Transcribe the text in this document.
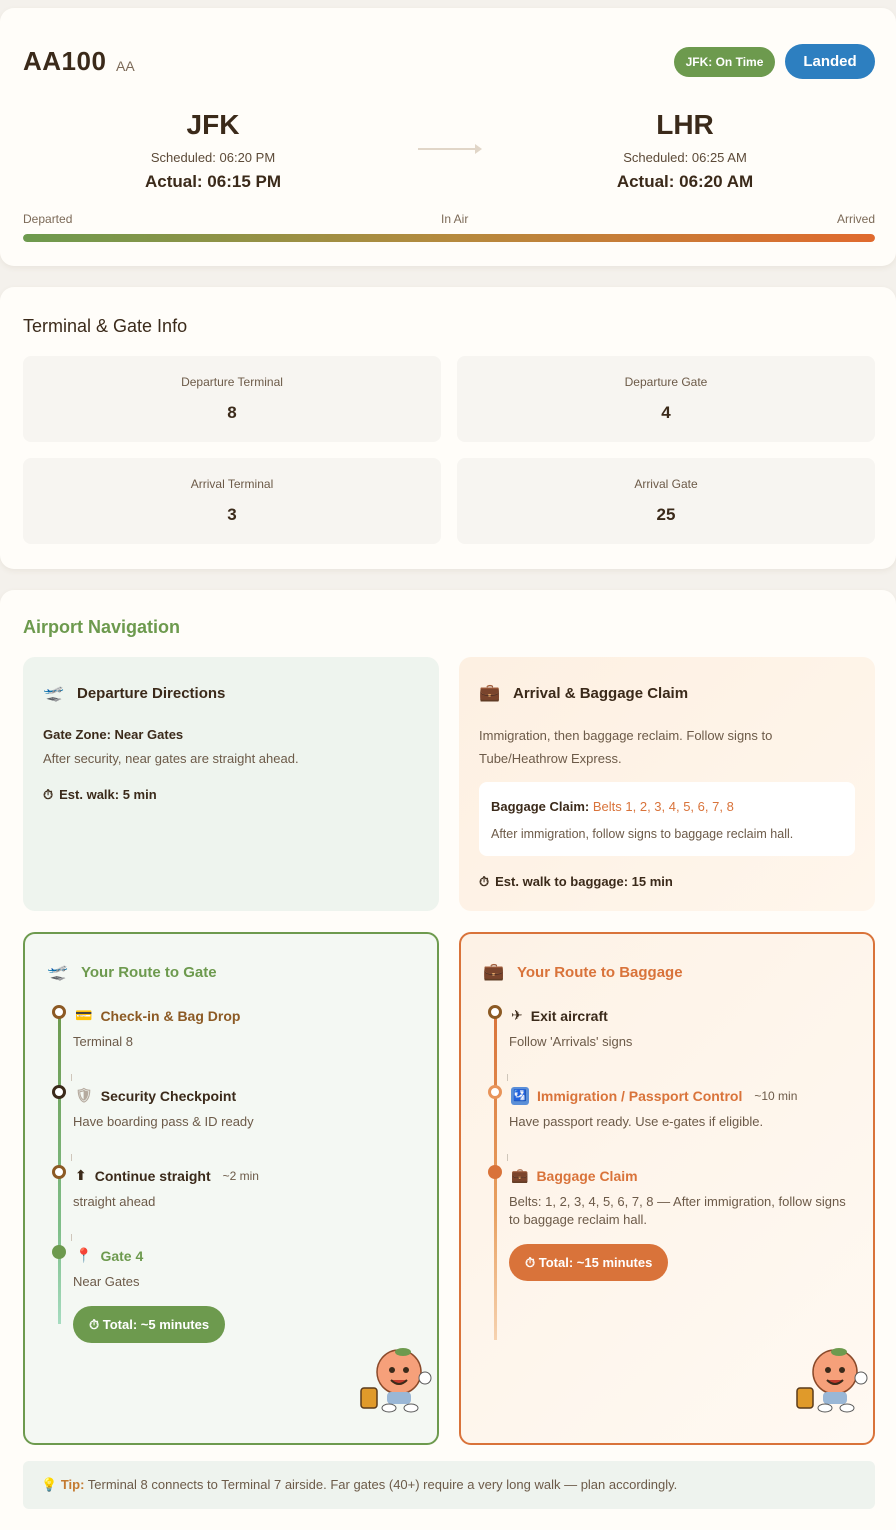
AA100 AA	JFK: On Time	Landed
JFK
Scheduled: 06:20 PM
Actual: 06:15 PM
LHR
Scheduled: 06:25 AM
Actual: 06:20 AM
Departed	In Air	Arrived
Terminal & Gate Info
Departure Terminal
8
Departure Gate
4
Arrival Terminal
3
Arrival Gate
25
Airport Navigation
🛫 Departure Directions
Gate Zone: Near Gates
After security, near gates are straight ahead.
⏱ Est. walk: 5 min
💼 Arrival & Baggage Claim
Immigration, then baggage reclaim. Follow signs to Tube/Heathrow Express.
Baggage Claim: Belts 1, 2, 3, 4, 5, 6, 7, 8
After immigration, follow signs to baggage reclaim hall.
⏱ Est. walk to baggage: 15 min
🛫 Your Route to Gate
💳 Check-in & Bag Drop
Terminal 8
🛡 Security Checkpoint
Have boarding pass & ID ready
⬆ Continue straight ~2 min
straight ahead
📍 Gate 4
Near Gates
⏱ Total: ~5 minutes
💼 Your Route to Baggage
✈ Exit aircraft
Follow 'Arrivals' signs
🛂 Immigration / Passport Control ~10 min
Have passport ready. Use e-gates if eligible.
💼 Baggage Claim
Belts: 1, 2, 3, 4, 5, 6, 7, 8 — After immigration, follow signs to baggage reclaim hall.
⏱ Total: ~15 minutes
💡 Tip: Terminal 8 connects to Terminal 7 airside. Far gates (40+) require a very long walk — plan accordingly.
